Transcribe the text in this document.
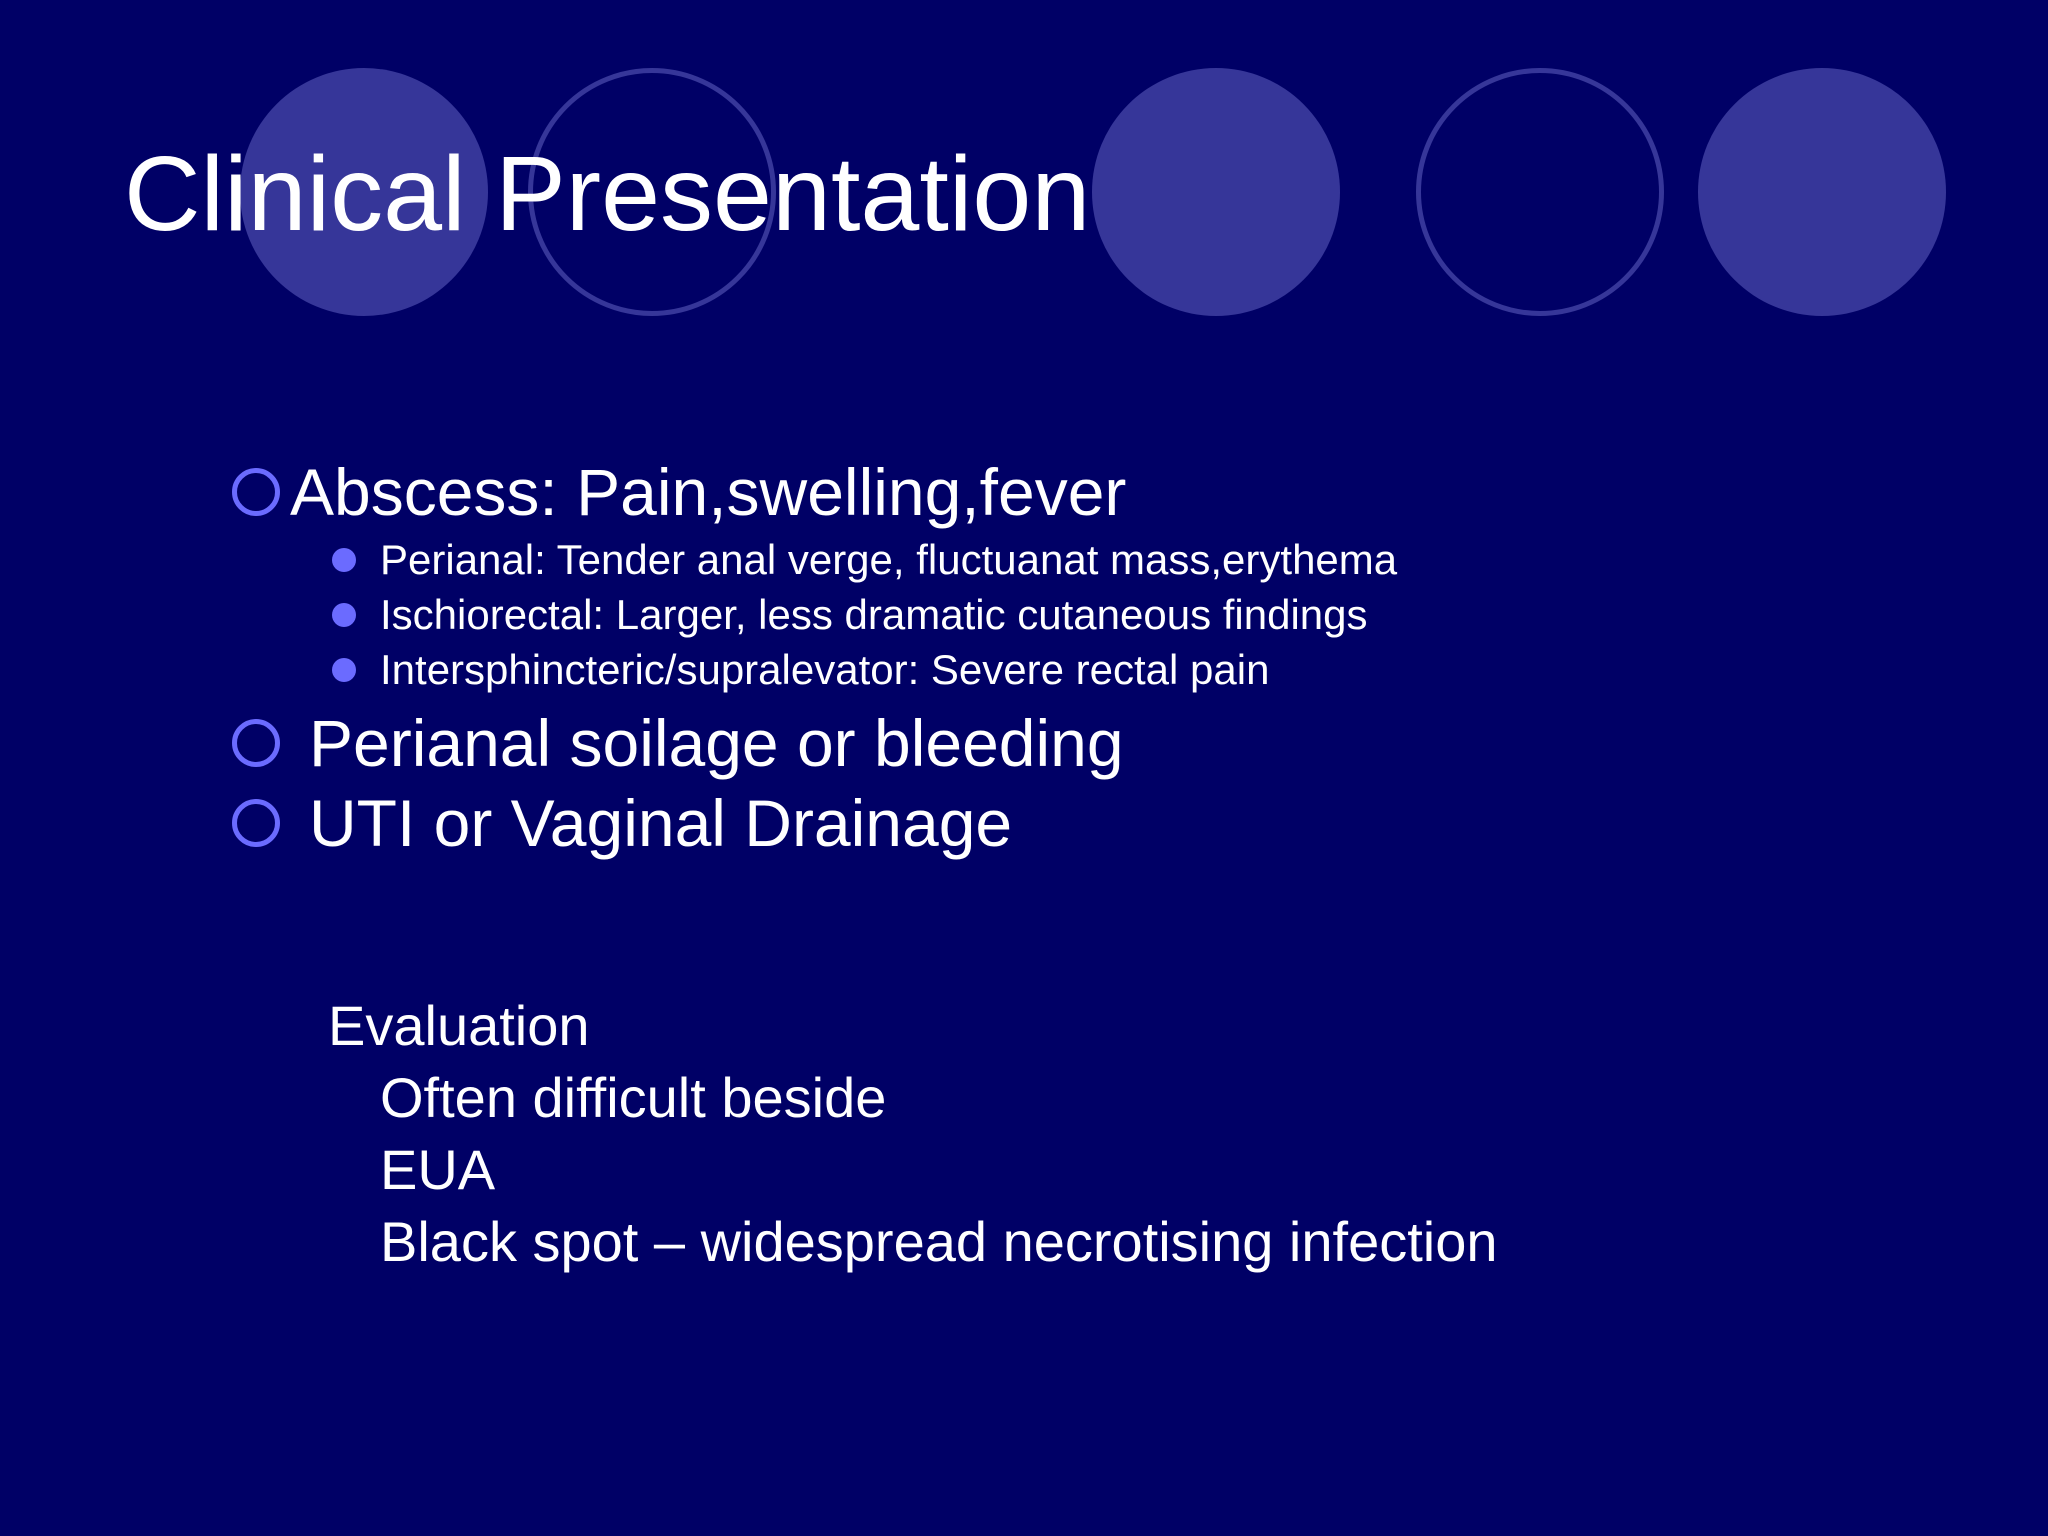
Clinical Presentation
Abscess: Pain,swelling,fever
Perianal: Tender anal verge, fluctuanat mass,erythema
Ischiorectal: Larger, less dramatic cutaneous findings
Intersphincteric/supralevator: Severe rectal pain
Perianal soilage or bleeding
UTI or Vaginal Drainage
Evaluation
Often difficult beside
EUA
Black spot – widespread necrotising infection
